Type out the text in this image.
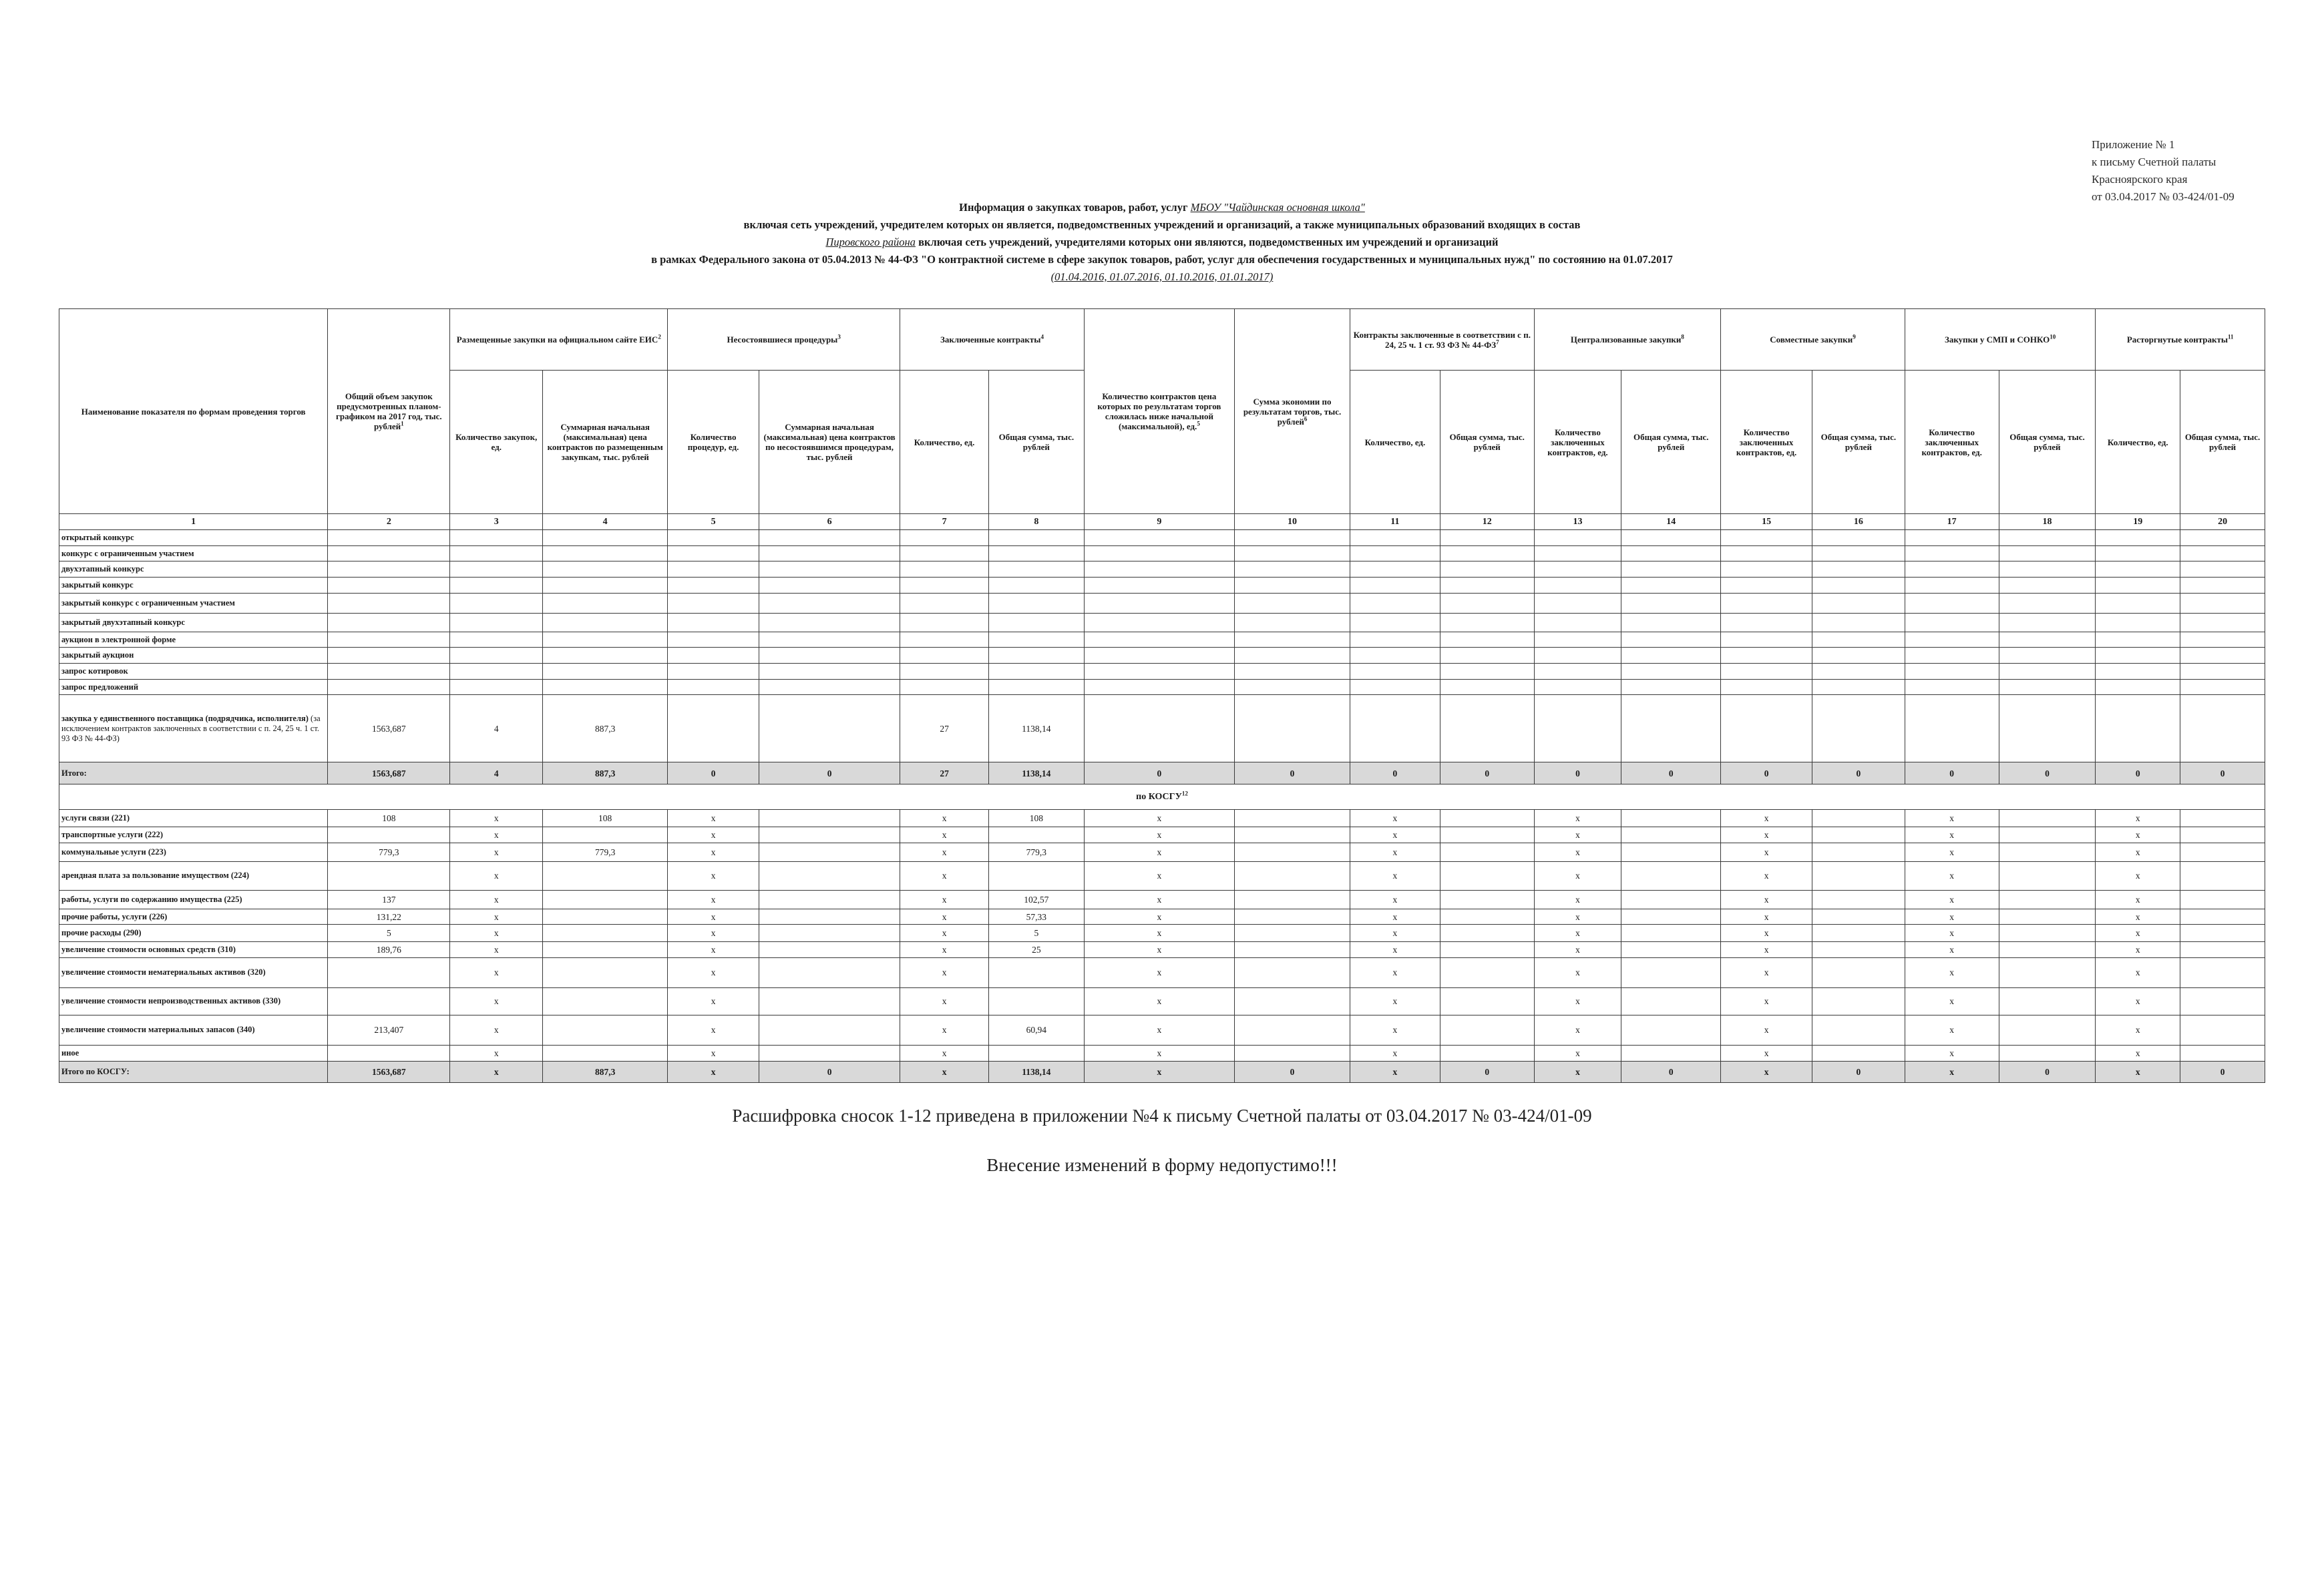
Приложение № 1
к письму Счетной палаты
Красноярского края
от 03.04.2017 № 03-424/01-09
Информация о закупках товаров, работ, услуг МБОУ "Чайдинская основная школа"
включая сеть учреждений, учредителем которых он является, подведомственных учреждений и организаций, а также муниципальных образований входящих в состав
Пировского района включая сеть учреждений, учредителями которых они являются, подведомственных им учреждений и организаций
в рамках Федерального закона от 05.04.2013 № 44-ФЗ "О контрактной системе в сфере закупок товаров, работ, услуг для обеспечения государственных и муниципальных нужд" по состоянию на 01.07.2017
(01.04.2016, 01.07.2016, 01.10.2016, 01.01.2017)
Наименование показателя по формам проведения торгов	Общий объем закупок предусмотренных планом-графиком на 2017 год, тыс. рублей$^1$	Размещенные закупки на официальном сайте ЕИС$^2$		Несостоявшиеся процедуры$^3$		Заключенные контракты$^4$		Количество контрактов цена которых по результатам торгов сложилась ниже начальной (максимальной), ед.$^5$	Сумма экономии по результатам торгов, тыс. рублей$^6$	Контракты заключенные в соответствии с п. 24, 25 ч. 1 ст. 93 ФЗ № $44-ФЗ^7$		Централизованные закупки$^8$		Совместные закупки$^9$		Закупки у СМП и СОНКО$^{10}$		Расторгнутые контракты$^{11}$
		Количество закупок, ед.	Суммарная начальная (максимальная) цена контрактов по размещенным закупкам, тыс. рублей	Количество процедур, ед.	Суммарная начальная (максимальная) цена контрактов по несостоявшимся процедурам, тыс. рублей	Количество, ед.	Общая сумма, тыс. рублей			Количество, ед.	Общая сумма, тыс. рублей	Количество заключенных контрактов, ед.	Общая сумма, тыс. рублей	Количество заключенных контрактов, ед.	Общая сумма, тыс. рублей	Количество заключенных контрактов, ед.	Общая сумма, тыс. рублей	Количество, ед.	Общая сумма, тыс. рублей
1	2	3	4	5	6	7	8	9	10	11	12	13	14	15	16	17	18	19	20
открытый конкурс																			
конкурс с ограниченным участием																			
двухэтапный конкурс																			
закрытый конкурс																			
закрытый конкурс с ограниченным участием																			
закрытый двухэтапный конкурс																			
аукцион в электронной форме																			
закрытый аукцион																			
запрос котировок																			
запрос предложений																			
закупка у единственного поставщика (подрядчика, исполнителя) (за исключением контрактов заключенных в соответствии с п. 24, 25 ч. 1 ст. 93 ФЗ № 44-ФЗ)	1563,687	4	887,3			27	1138,14												
Итого:	1563,687	4	887,3	0	0	27	1138,14	0	0	0	0	0	0	0	0	0	0	0	0
по КОСГУ$^{12}$
услуги связи (221)	108	x	108	x		x	108	x		x		x		x		x		x	
транспортные услуги (222)		x		x		x		x		x		x		x		x		x	
коммунальные услуги (223)	779,3	x	779,3	x		x	779,3	x		x		x		x		x		x	
арендная плата за пользование имуществом (224)		x		x		x		x		x		x		x		x		x	
работы, услуги по содержанию имущества (225)	137	x		x		x	102,57	x		x		x		x		x		x	
прочие работы, услуги (226)	131,22	x		x		x	57,33	x		x		x		x		x		x	
прочие расходы (290)	5	x		x		x	5	x		x		x		x		x		x	
увеличение стоимости основных средств (310)	189,76	x		x		x	25	x		x		x		x		x		x	
увеличение стоимости нематериальных активов (320)		x		x		x		x		x		x		x		x		x	
увеличение стоимости непроизводственных активов (330)		x		x		x		x		x		x		x		x		x	
увеличение стоимости материальных запасов (340)	213,407	x		x		x	60,94	x		x		x		x		x		x	
иное		x		x		x		x		x		x		x		x		x	
Итого по КОСГУ:	1563,687	x	887,3	x	0	x	1138,14	x	0	x	0	x	0	x	0	x	0	x	0
Расшифровка сносок 1-12 приведена в приложении №4 к письму Счетной палаты от 03.04.2017 № 03-424/01-09
Внесение изменений в форму недопустимо!!!
